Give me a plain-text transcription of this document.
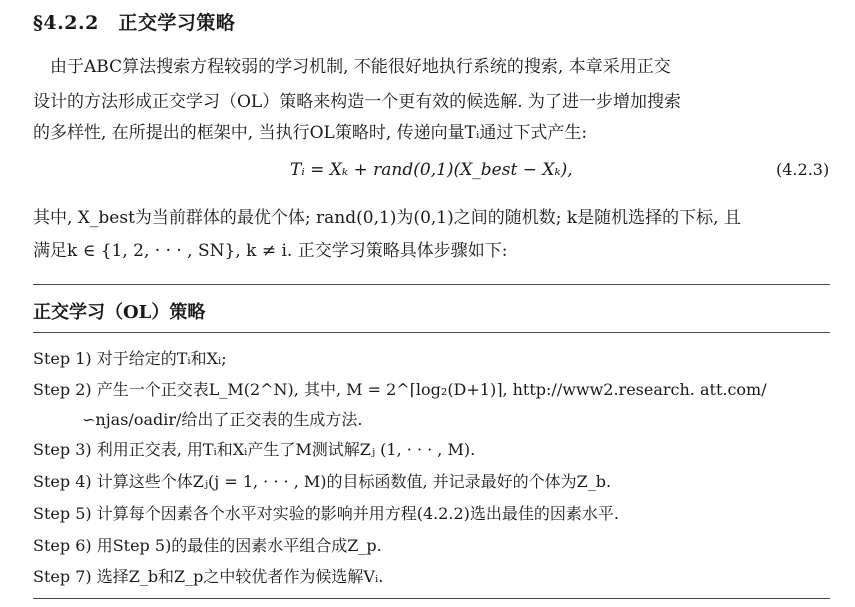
§4.2.2　正交学习策略
　由于ABC算法搜索方程较弱的学习机制, 不能很好地执行系统的搜索, 本章采用正交
设计的方法形成正交学习（OL）策略来构造一个更有效的候选解. 为了进一步增加搜索
的多样性, 在所提出的框架中, 当执行OL策略时, 传递向量Tᵢ通过下式产生:
Tᵢ = Xₖ + rand(0,1)(X_best − Xₖ),	(4.2.3)
其中, X_best为当前群体的最优个体; rand(0,1)为(0,1)之间的随机数; k是随机选择的下标, 且
满足k ∈ {1, 2, · · · , SN}, k ≠ i. 正交学习策略具体步骤如下:
正交学习（OL）策略
Step 1) 对于给定的Tᵢ和Xᵢ;
Step 2) 产生一个正交表L_M(2^N), 其中, M = 2^⌈log₂(D+1)⌉, http://www2.research. att.com/
∽njas/oadir/给出了正交表的生成方法.
Step 3) 利用正交表, 用Tᵢ和Xᵢ产生了M测试解Zⱼ (1, · · · , M).
Step 4) 计算这些个体Zⱼ(j = 1, · · · , M)的目标函数值, 并记录最好的个体为Z_b.
Step 5) 计算每个因素各个水平对实验的影响并用方程(4.2.2)选出最佳的因素水平.
Step 6) 用Step 5)的最佳的因素水平组合成Z_p.
Step 7) 选择Z_b和Z_p之中较优者作为候选解Vᵢ.
